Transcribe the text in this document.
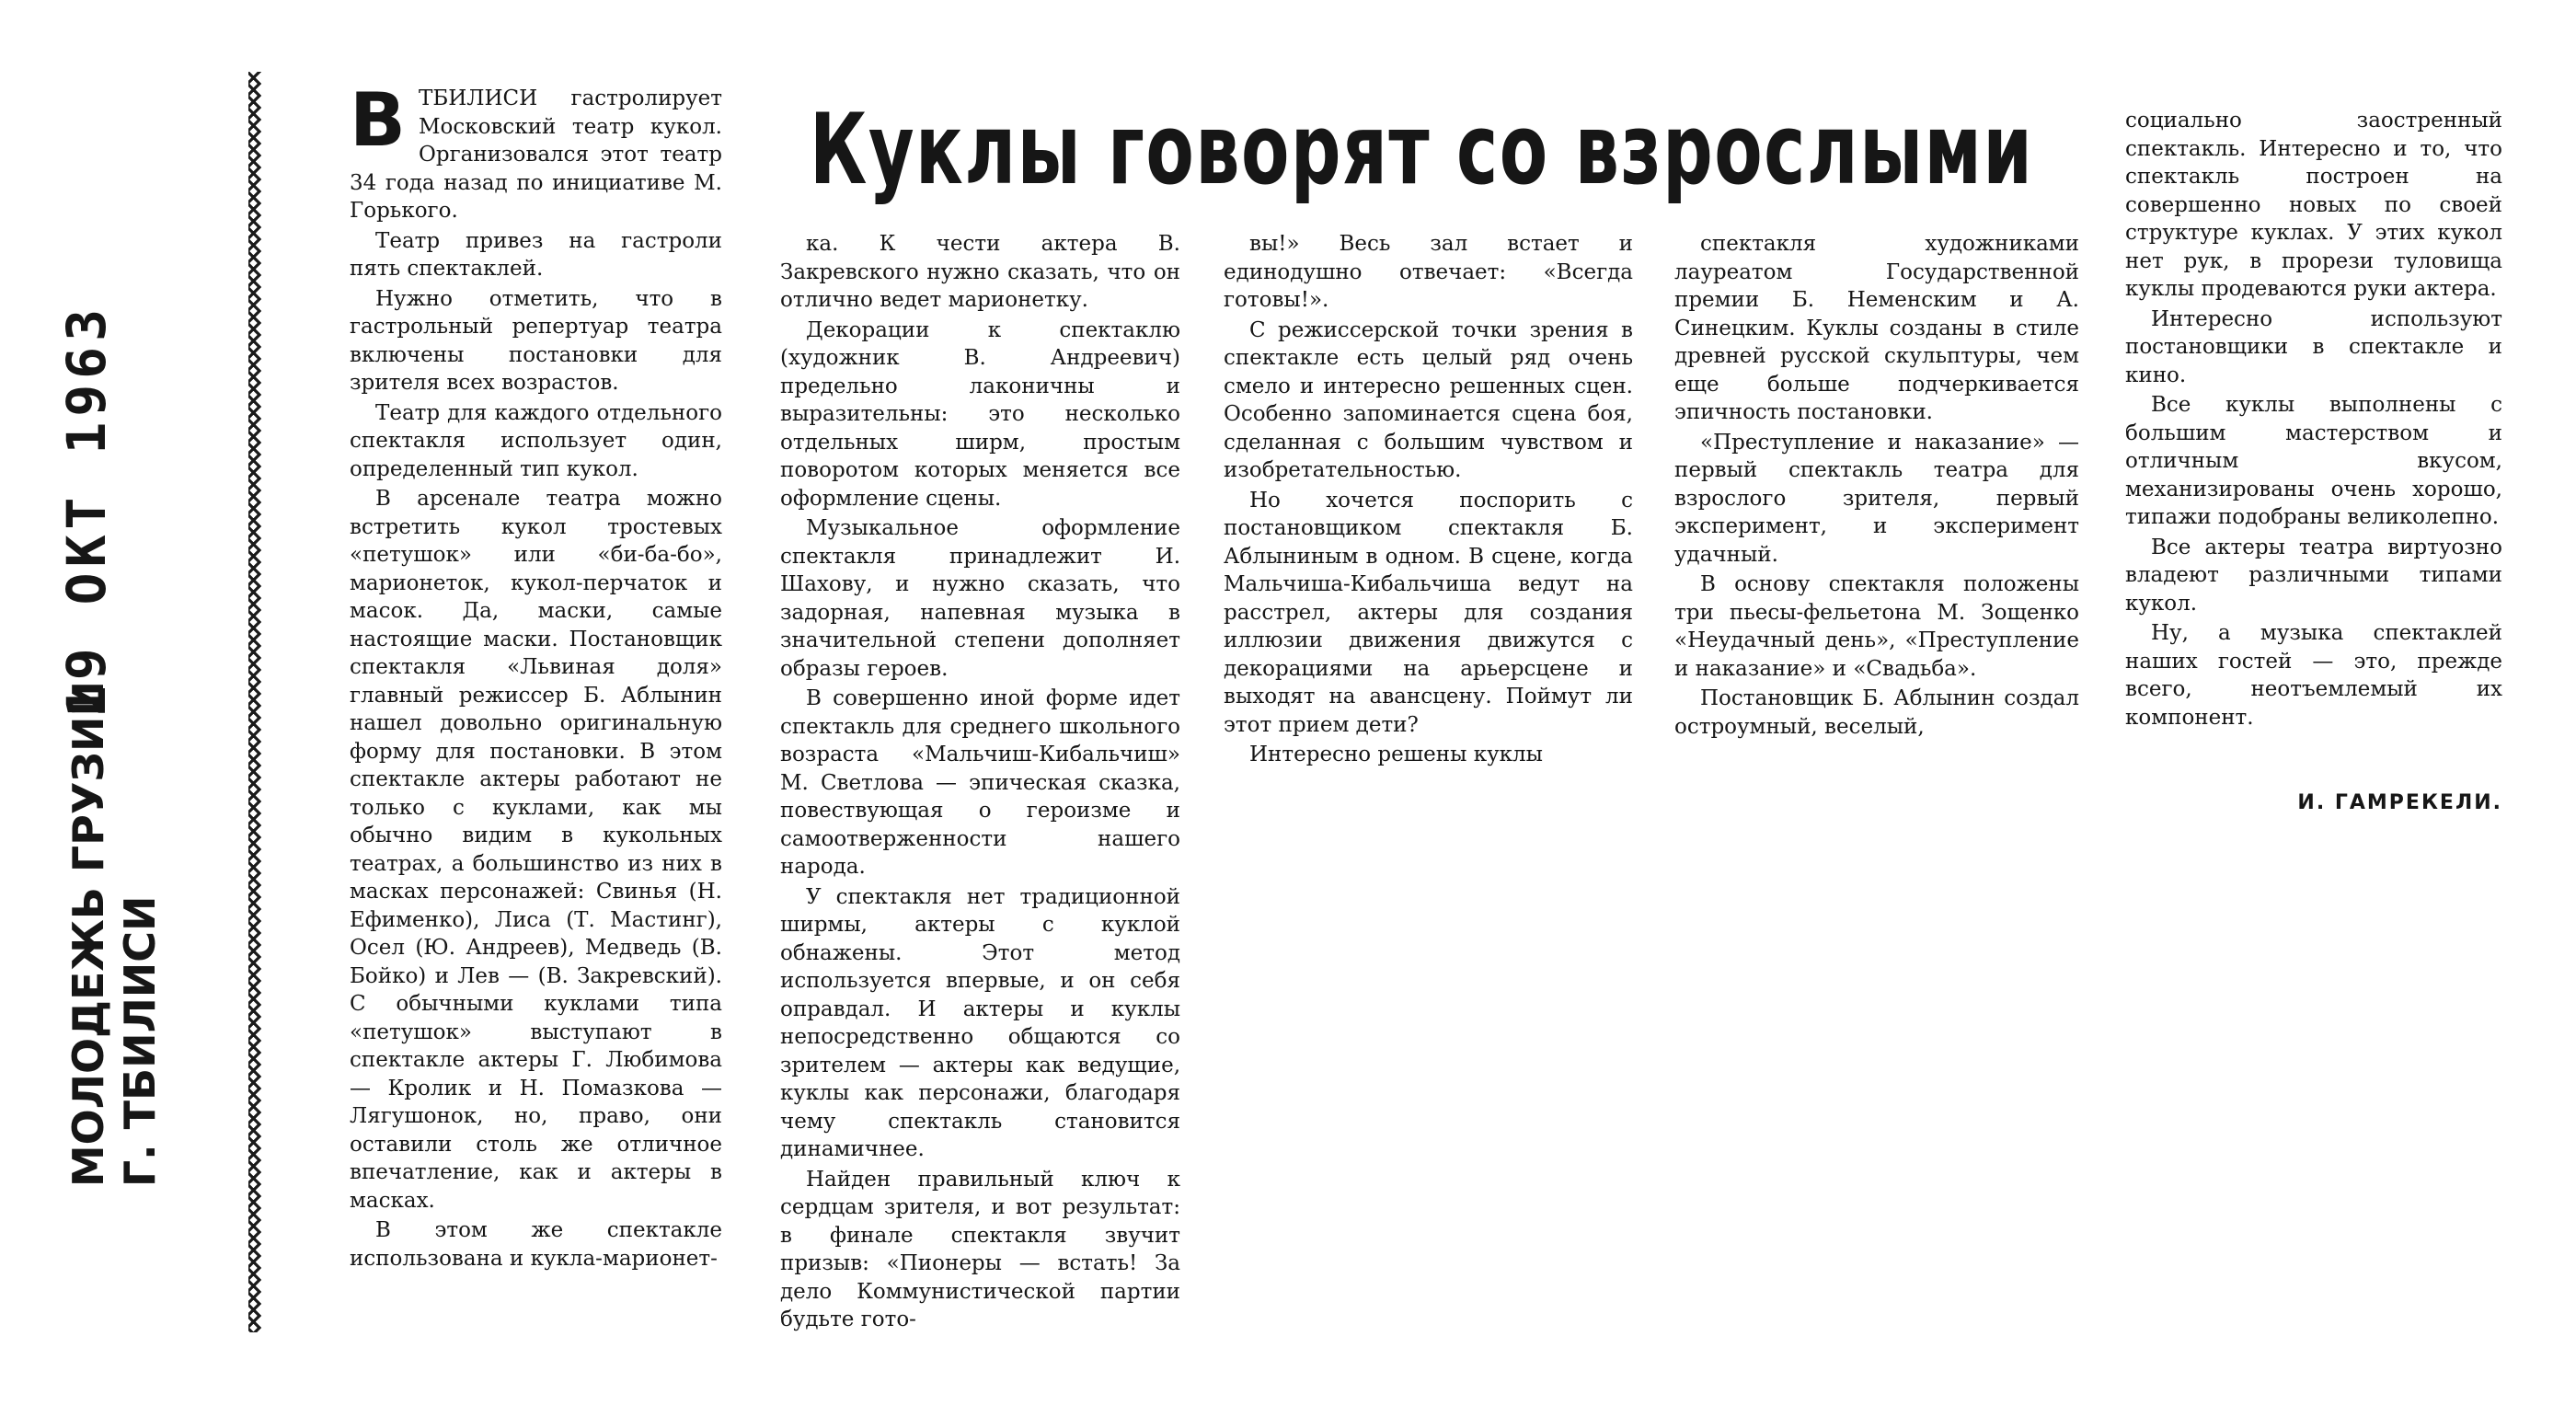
19 ОКТ 1963
МОЛОДЕЖЬ ГРУЗИИ Г. ТБИЛИСИ
Куклы говорят со взрослыми

ВТБИЛИСИ гастролирует Московский театр кукол. Организовался этот театр 34 года назад по инициативе М. Горького.

Театр привез на гастроли пять спектаклей.

Нужно отметить, что в гастрольный репертуар театра включены постановки для зрителя всех возрастов.

Театр для каждого отдельного спектакля использует один, определенный тип кукол.

В арсенале театра можно встретить кукол тростевых «петушок» или «би-ба-бо», марионеток, кукол-перчаток и масок. Да, маски, самые настоящие маски. Постановщик спектакля «Львиная доля» главный режиссер Б. Аблынин нашел довольно оригинальную форму для постановки. В этом спектакле актеры работают не только с куклами, как мы обычно видим в кукольных театрах, а большинство из них в масках персонажей: Свинья (Н. Ефименко), Лиса (Т. Мастинг), Осел (Ю. Андреев), Медведь (В. Бойко) и Лев — (В. Закревский). С обычными куклами типа «петушок» выступают в спектакле актеры Г. Любимова — Кролик и Н. Помазкова — Лягушонок, но, право, они оставили столь же отличное впечатление, как и актеры в масках.

В этом же спектакле использована и кукла-марионет-

ка. К чести актера В. Закревского нужно сказать, что он отлично ведет марионетку.

Декорации к спектаклю (художник В. Андреевич) предельно лаконичны и выразительны: это несколько отдельных ширм, простым поворотом которых меняется все оформление сцены.

Музыкальное оформление спектакля принадлежит И. Шахову, и нужно сказать, что задорная, напевная музыка в значительной степени дополняет образы героев.

В совершенно иной форме идет спектакль для среднего школьного возраста «Мальчиш-Кибальчиш» М. Светлова — эпическая сказка, повествующая о героизме и самоотверженности нашего народа.

У спектакля нет традиционной ширмы, актеры с куклой обнажены. Этот метод используется впервые, и он себя оправдал. И актеры и куклы непосредственно общаются со зрителем — актеры как ведущие, куклы как персонажи, благодаря чему спектакль становится динамичнее.

Найден правильный ключ к сердцам зрителя, и вот результат: в финале спектакля звучит призыв: «Пионеры — встать! За дело Коммунистической партии будьте гото-

вы!» Весь зал встает и единодушно отвечает: «Всегда готовы!».

С режиссерской точки зрения в спектакле есть целый ряд очень смело и интересно решенных сцен. Особенно запоминается сцена боя, сделанная с большим чувством и изобретательностью.

Но хочется поспорить с постановщиком спектакля Б. Аблыниным в одном. В сцене, когда Мальчиша-Кибальчиша ведут на расстрел, актеры для создания иллюзии движения движутся с декорациями на арьерсцене и выходят на авансцену. Поймут ли этот прием дети?

Интересно решены куклы

спектакля художниками лауреатом Государственной премии Б. Неменским и А. Синецким. Куклы созданы в стиле древней русской скульптуры, чем еще больше подчеркивается эпичность постановки.

«Преступление и наказание» — первый спектакль театра для взрослого зрителя, первый эксперимент, и эксперимент удачный.

В основу спектакля положены три пьесы-фельетона М. Зощенко «Неудачный день», «Преступление и наказание» и «Свадьба».

Постановщик Б. Аблынин создал остроумный, веселый,

социально заостренный спектакль. Интересно и то, что спектакль построен на совершенно новых по своей структуре куклах. У этих кукол нет рук, в прорези туловища куклы продеваются руки актера.

Интересно используют постановщики в спектакле и кино.

Все куклы выполнены с большим мастерством и отличным вкусом, механизированы очень хорошо, типажи подобраны великолепно.

Все актеры театра виртуозно владеют различными типами кукол.

Ну, а музыка спектаклей наших гостей — это, прежде всего, неотъемлемый их компонент.

И. ГАМРЕКЕЛИ.
